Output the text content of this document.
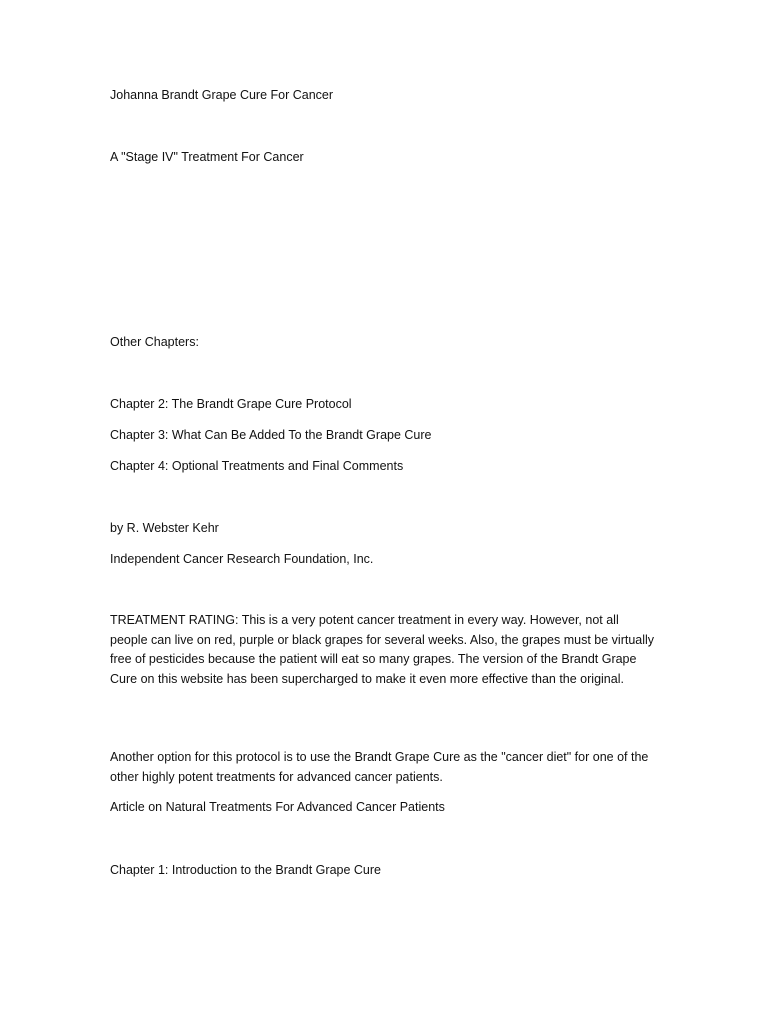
Johanna Brandt Grape Cure For Cancer
A "Stage IV" Treatment For Cancer
Other Chapters:
Chapter 2: The Brandt Grape Cure Protocol
Chapter 3: What Can Be Added To the Brandt Grape Cure
Chapter 4: Optional Treatments and Final Comments
by R. Webster Kehr
Independent Cancer Research Foundation, Inc.
TREATMENT RATING: This is a very potent cancer treatment in every way. However, not all people can live on red, purple or black grapes for several weeks. Also, the grapes must be virtually free of pesticides because the patient will eat so many grapes. The version of the Brandt Grape Cure on this website has been supercharged to make it even more effective than the original.
Another option for this protocol is to use the Brandt Grape Cure as the "cancer diet" for one of the other highly potent treatments for advanced cancer patients.
Article on Natural Treatments For Advanced Cancer Patients
Chapter 1: Introduction to the Brandt Grape Cure
